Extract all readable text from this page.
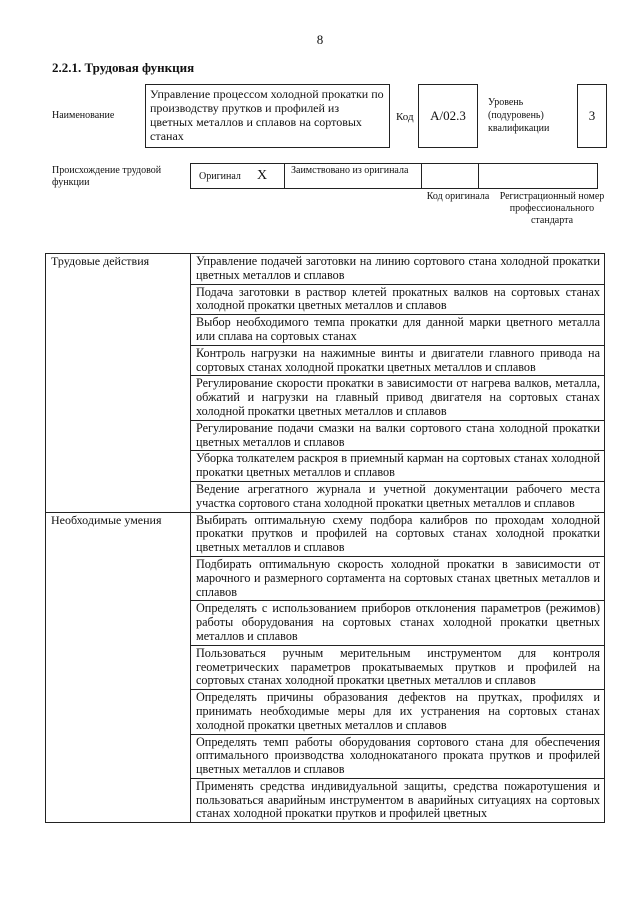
8
2.2.1. Трудовая функция
Наименование
Управление процессом холодной прокатки по производству прутков и профилей из цветных металлов и сплавов на сортовых станах
Код А/02.3
Уровень (подуровень) квалификации
3
Происхождение трудовой функции
Оригинал X Заимствовано из оригинала
Код оригинала	Регистрационный номер профессионального стандарта
Трудовые действия	Управление подачей заготовки на линию сортового стана холодной прокатки цветных металлов и сплавов
	Подача заготовки в раствор клетей прокатных валков на сортовых станах холодной прокатки цветных металлов и сплавов
	Выбор необходимого темпа прокатки для данной марки цветного металла или сплава на сортовых станах
	Контроль нагрузки на нажимные винты и двигатели главного привода на сортовых станах холодной прокатки цветных металлов и сплавов
	Регулирование скорости прокатки в зависимости от нагрева валков, металла, обжатий и нагрузки на главный привод двигателя на сортовых станах холодной прокатки цветных металлов и сплавов
	Регулирование подачи смазки на валки сортового стана холодной прокатки цветных металлов и сплавов
	Уборка толкателем раскроя в приемный карман на сортовых станах холодной прокатки цветных металлов и сплавов
	Ведение агрегатного журнала и учетной документации рабочего места участка сортового стана холодной прокатки цветных металлов и сплавов
Необходимые умения	Выбирать оптимальную схему подбора калибров по проходам холодной прокатки прутков и профилей на сортовых станах холодной прокатки цветных металлов и сплавов
	Подбирать оптимальную скорость холодной прокатки в зависимости от марочного и размерного сортамента на сортовых станах цветных металлов и сплавов
	Определять с использованием приборов отклонения параметров (режимов) работы оборудования на сортовых станах холодной прокатки цветных металлов и сплавов
	Пользоваться ручным мерительным инструментом для контроля геометрических параметров прокатываемых прутков и профилей на сортовых станах холодной прокатки цветных металлов и сплавов
	Определять причины образования дефектов на прутках, профилях и принимать необходимые меры для их устранения на сортовых станах холодной прокатки цветных металлов и сплавов
	Определять темп работы оборудования сортового стана для обеспечения оптимального производства холоднокатаного проката прутков и профилей цветных металлов и сплавов
	Применять средства индивидуальной защиты, средства пожаротушения и пользоваться аварийным инструментом в аварийных ситуациях на сортовых станах холодной прокатки прутков и профилей цветных
